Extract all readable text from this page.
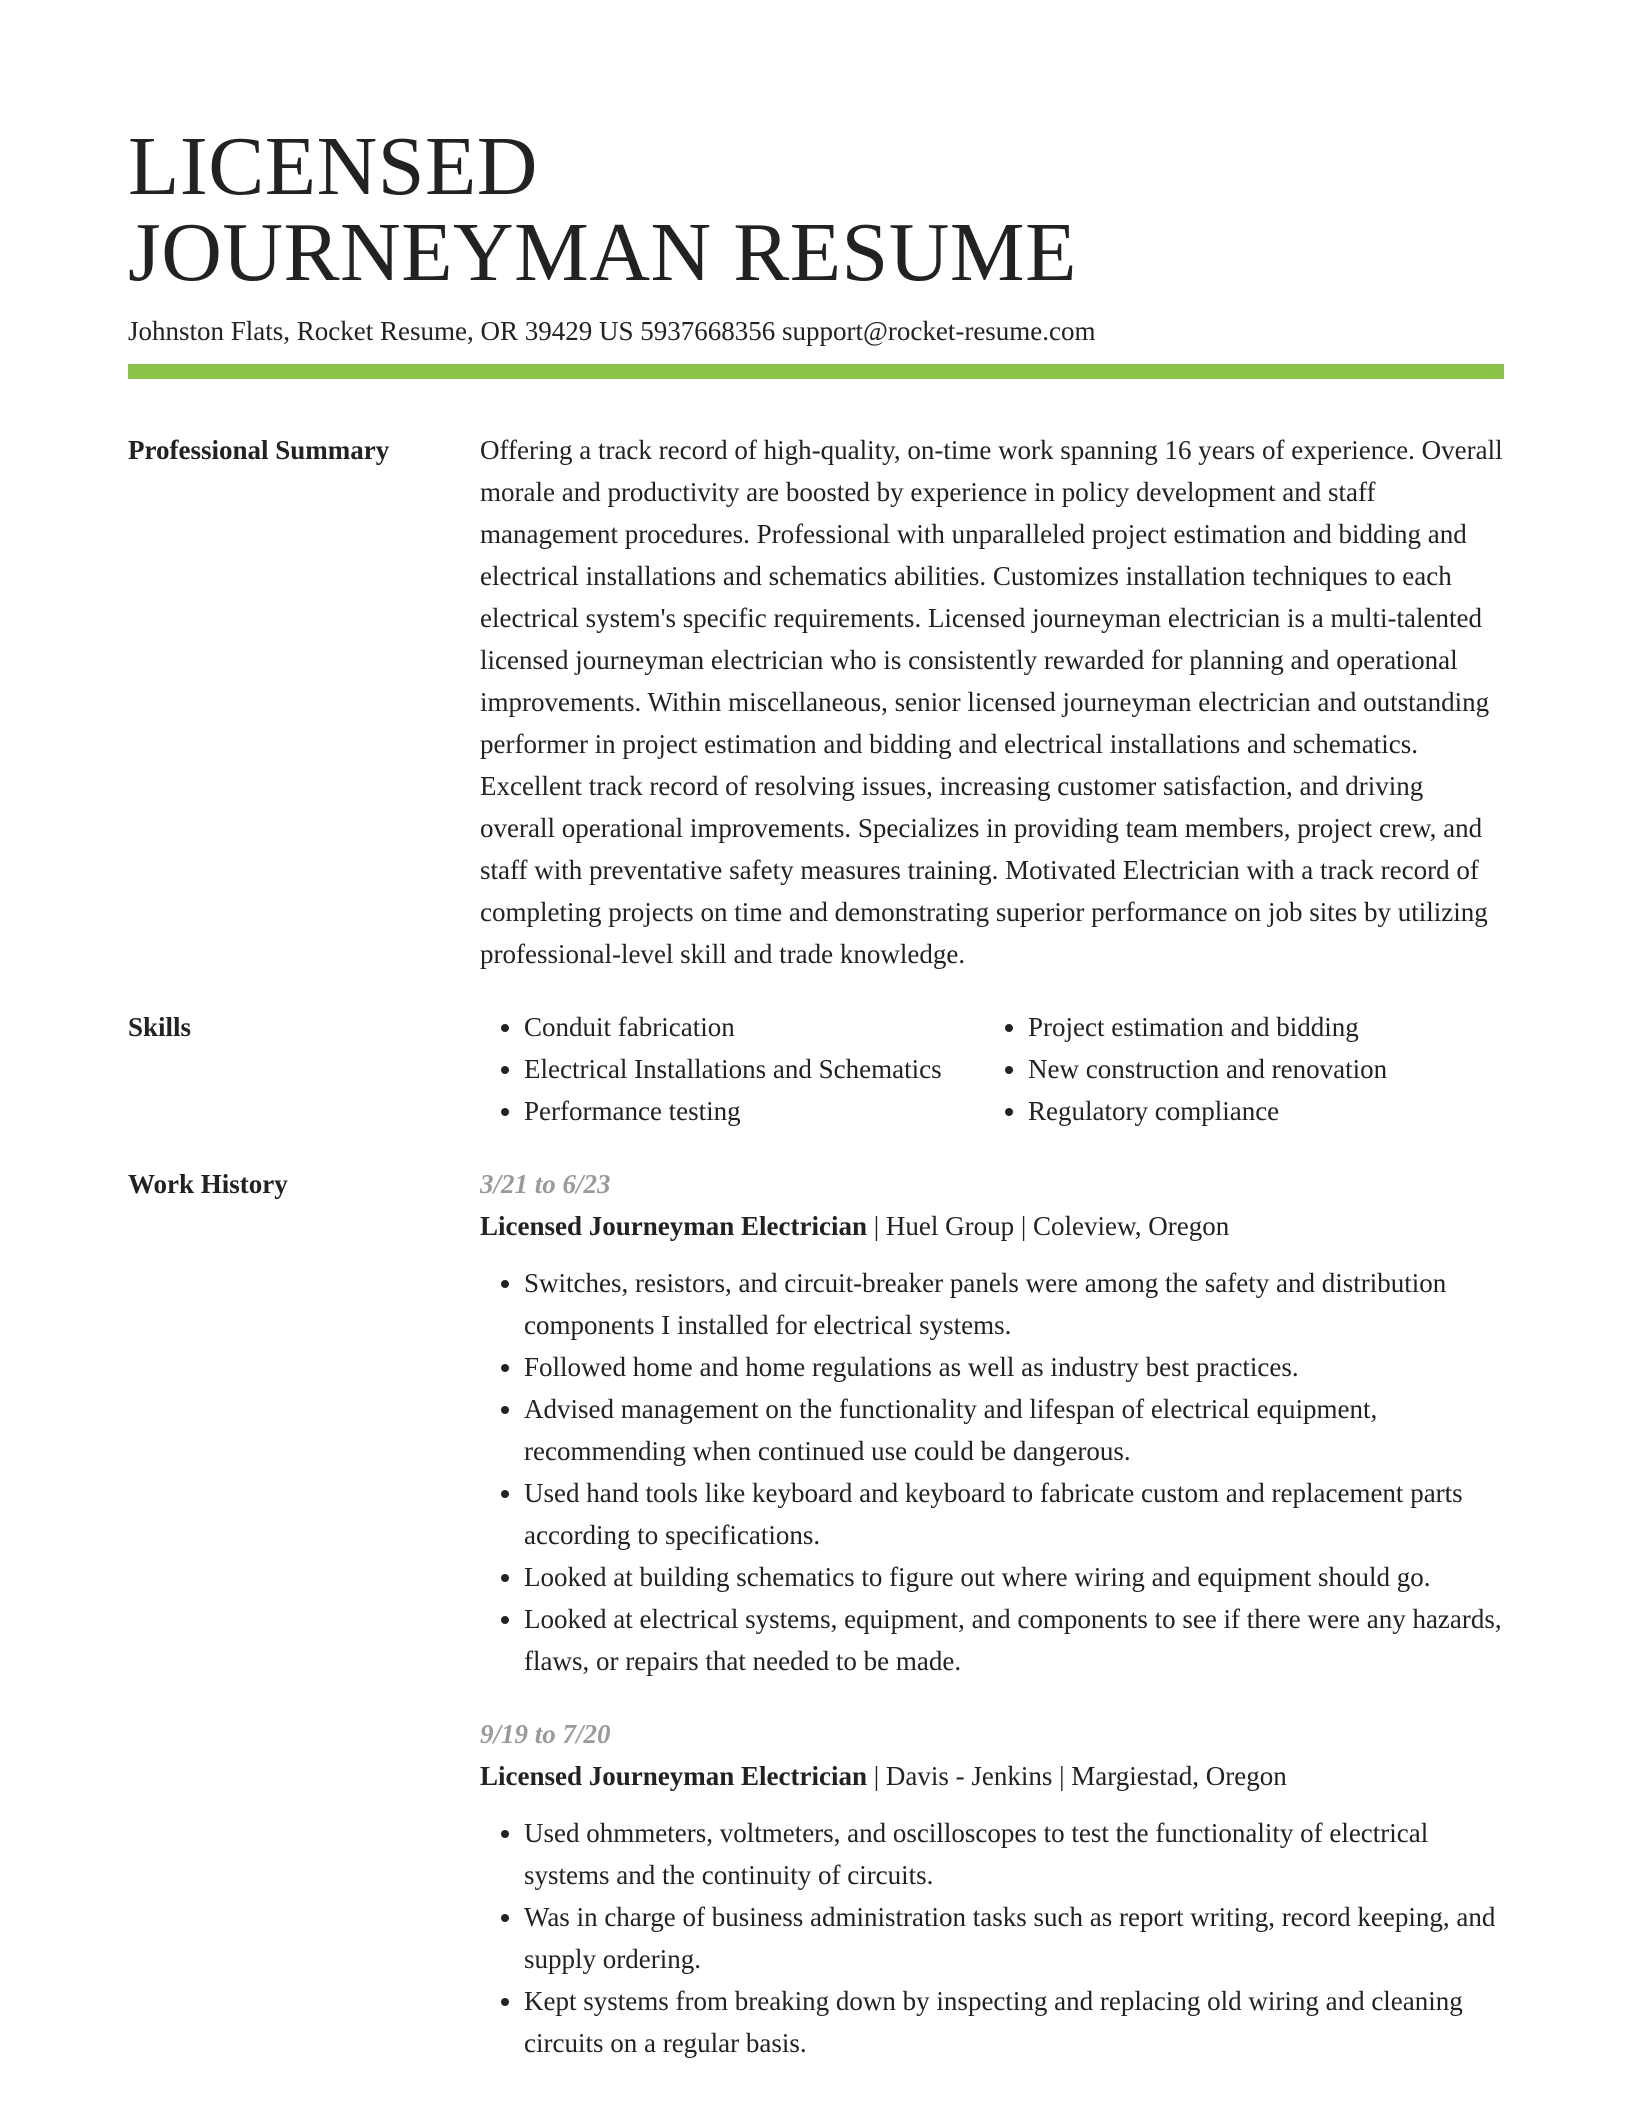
LICENSED
JOURNEYMAN RESUME
Johnston Flats, Rocket Resume, OR 39429 US 5937668356 support@rocket-resume.com
Professional Summary	Offering a track record of high-quality, on-time work spanning 16 years of experience. Overall morale and productivity are boosted by experience in policy development and staff management procedures. Professional with unparalleled project estimation and bidding and electrical installations and schematics abilities. Customizes installation techniques to each electrical system's specific requirements. Licensed journeyman electrician is a multi-talented licensed journeyman electrician who is consistently rewarded for planning and operational improvements. Within miscellaneous, senior licensed journeyman electrician and outstanding performer in project estimation and bidding and electrical installations and schematics. Excellent track record of resolving issues, increasing customer satisfaction, and driving overall operational improvements. Specializes in providing team members, project crew, and staff with preventative safety measures training. Motivated Electrician with a track record of completing projects on time and demonstrating superior performance on job sites by utilizing professional-level skill and trade knowledge.
Skills
•	Conduit fabrication
• Electrical Installations and Schematics
• Performance testing
• Project estimation and bidding
• New construction and renovation
• Regulatory compliance
Work History	3/21 to 6/23
Licensed Journeyman Electrician | Huel Group | Coleview, Oregon
• Switches, resistors, and circuit-breaker panels were among the safety and distribution components I installed for electrical systems.
• Followed home and home regulations as well as industry best practices.
• Advised management on the functionality and lifespan of electrical equipment, recommending when continued use could be dangerous.
• Used hand tools like keyboard and keyboard to fabricate custom and replacement parts according to specifications.
• Looked at building schematics to figure out where wiring and equipment should go.
• Looked at electrical systems, equipment, and components to see if there were any hazards, flaws, or repairs that needed to be made.
9/19 to 7/20
Licensed Journeyman Electrician | Davis - Jenkins | Margiestad, Oregon
• Used ohmmeters, voltmeters, and oscilloscopes to test the functionality of electrical systems and the continuity of circuits.
• Was in charge of business administration tasks such as report writing, record keeping, and supply ordering.
• Kept systems from breaking down by inspecting and replacing old wiring and cleaning circuits on a regular basis.
